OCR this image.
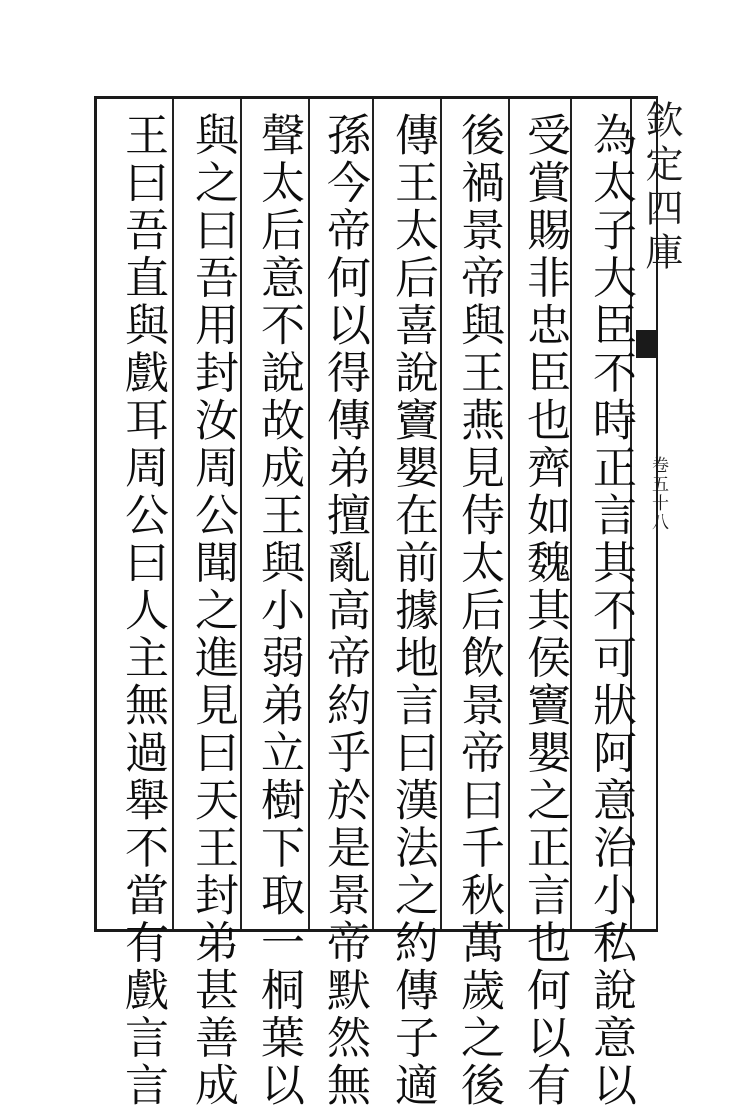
欽定四庫
卷五十八
為太子大臣不時正言其不可狀阿意治小私說意以
受賞賜非忠臣也齊如魏其侯竇嬰之正言也何以有
後禍景帝與王燕見侍太后飲景帝曰千秋萬歲之後
傳王太后喜說竇嬰在前據地言曰漢法之約傳子適
孫今帝何以得傳弟擅亂高帝約乎於是景帝默然無
聲太后意不說故成王與小弱弟立樹下取一桐葉以
與之曰吾用封汝周公聞之進見曰天王封弟甚善成
王曰吾直與戲耳周公曰人主無過舉不當有戲言言
